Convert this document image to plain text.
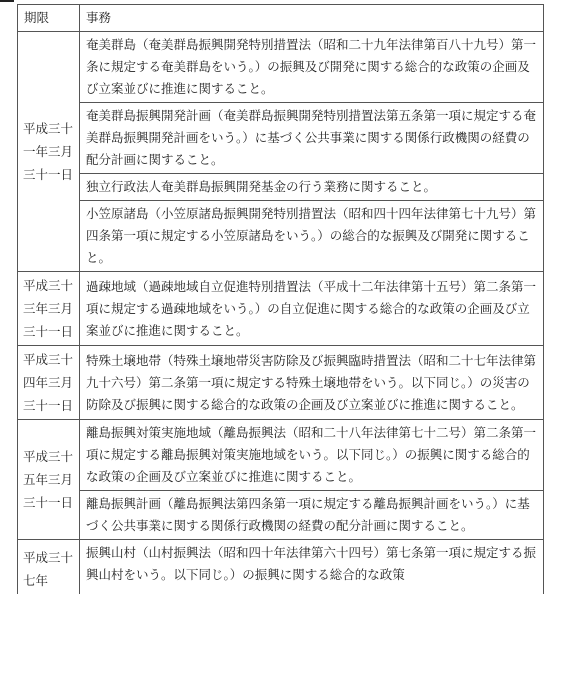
期限	事務
平成三十一年三月三十一日	奄美群島（奄美群島振興開発特別措置法（昭和二十九年法律第百八十九号）第一条に規定する奄美群島をいう。）の振興及び開発に関する総合的な政策の企画及び立案並びに推進に関すること。
	奄美群島振興開発計画（奄美群島振興開発特別措置法第五条第一項に規定する奄美群島振興開発計画をいう。）に基づく公共事業に関する関係行政機関の経費の配分計画に関すること。
	独立行政法人奄美群島振興開発基金の行う業務に関すること。
	小笠原諸島（小笠原諸島振興開発特別措置法（昭和四十四年法律第七十九号）第四条第一項に規定する小笠原諸島をいう。）の総合的な振興及び開発に関すること。
平成三十三年三月三十一日	過疎地域（過疎地域自立促進特別措置法（平成十二年法律第十五号）第二条第一項に規定する過疎地域をいう。）の自立促進に関する総合的な政策の企画及び立案並びに推進に関すること。
平成三十四年三月三十一日	特殊土壌地帯（特殊土壌地帯災害防除及び振興臨時措置法（昭和二十七年法律第九十六号）第二条第一項に規定する特殊土壌地帯をいう。以下同じ。）の災害の防除及び振興に関する総合的な政策の企画及び立案並びに推進に関すること。
平成三十五年三月三十一日	離島振興対策実施地域（離島振興法（昭和二十八年法律第七十二号）第二条第一項に規定する離島振興対策実施地域をいう。以下同じ。）の振興に関する総合的な政策の企画及び立案並びに推進に関すること。
	離島振興計画（離島振興法第四条第一項に規定する離島振興計画をいう。）に基づく公共事業に関する関係行政機関の経費の配分計画に関すること。
平成三十七年	振興山村（山村振興法（昭和四十年法律第六十四号）第七条第一項に規定する振興山村をいう。以下同じ。）の振興に関する総合的な政策
